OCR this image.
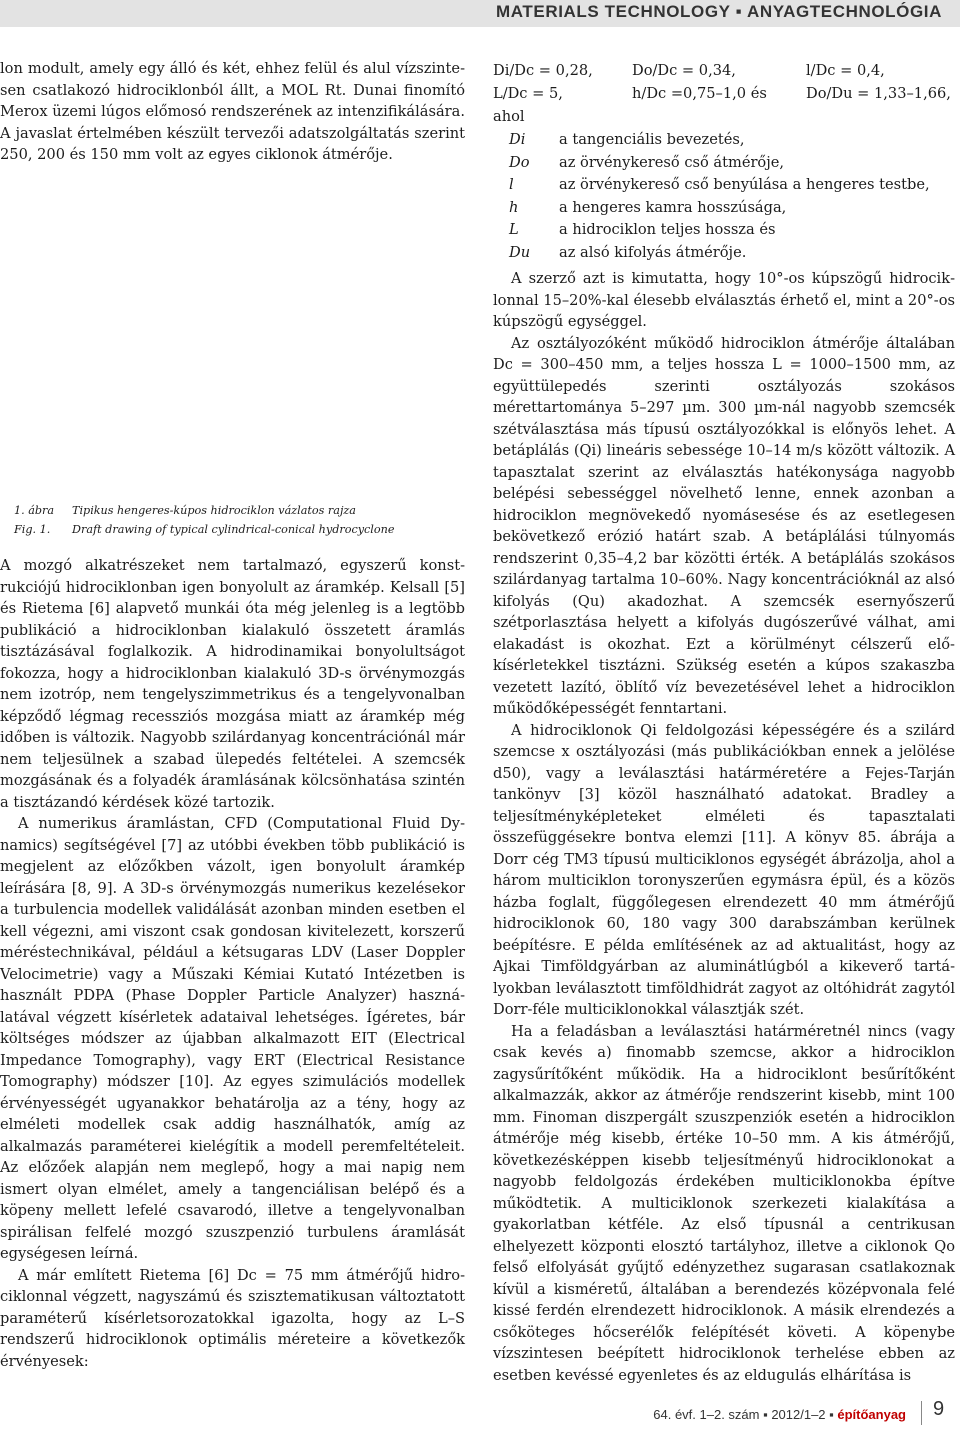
MATERIALS TECHNOLOGY ▪ ANYAGTECHNOLÓGIA

lon modult, amely egy álló és két, ehhez felül és alul vízszintesen csatlakozó hidrociklonból állt, a MOL Rt. Dunai finomító Merox üzemi lúgos előmosó rendszerének az intenzifikálására. A javaslat értelmében készült tervezői adatszolgáltatás szerint 250, 200 és 150 mm volt az egyes ciklonok átmérője.

1. ábra Tipikus hengeres-kúpos hidrociklon vázlatos rajza
Fig. 1. Draft drawing of typical cylindrical-conical hydrocyclone

A mozgó alkatrészeket nem tartalmazó, egyszerű konstrukciójú hidrociklonban igen bonyolult az áramkép. Kelsall [5] és Rietema [6] alapvető munkái óta még jelenleg is a legtöbb publikáció a hidrociklonban kialakuló összetett áramlás tisztázásával foglalkozik. A hidrodinamikai bonyolultságot fokozza, hogy a hidrociklonban kialakuló 3D-s örvénymozgás nem izotróp, nem tengelyszimmetrikus és a tengelyvonalban képződő légmag recessziós mozgása miatt az áramkép még időben is változik. Nagyobb szilárdanyag koncentrációnál már nem teljesülnek a szabad ülepedés feltételei. A szemcsék mozgásának és a folyadék áramlásának kölcsönhatása szintén a tisztázandó kérdések közé tartozik.

A numerikus áramlástan, CFD (Computational Fluid Dynamics) segítségével [7] az utóbbi években több publikáció is megjelent az előzőkben vázolt, igen bonyolult áramkép leírására [8, 9]. A 3D-s örvénymozgás numerikus kezelésekor a turbulencia modellek validálását azonban minden esetben el kell végezni, ami viszont csak gondosan kivitelezett, korszerű méréstechnikával, például a kétsugaras LDV (Laser Doppler Velocimetrie) vagy a Műszaki Kémiai Kutató Intézetben is használt PDPA (Phase Doppler Particle Analyzer) használatával végzett kísérletek adataival lehetséges. Ígéretes, bár költséges módszer az újabban alkalmazott EIT (Electrical Impedance Tomography), vagy ERT (Electrical Resistance Tomography) módszer [10]. Az egyes szimulációs modellek érvényességét ugyanakkor behatárolja az a tény, hogy az elméleti modellek csak addig használhatók, amíg az alkalmazás paraméterei kielégítik a modell peremfeltételeit. Az előzőek alapján nem meglepő, hogy a mai napig nem ismert olyan elmélet, amely a tangenciálisan belépő és a köpeny mellett lefelé csavarodó, illetve a tengelyvonalban spirálisan felfelé mozgó szuszpenzió turbulens áramlását egységesen leírná.

A már említett Rietema [6] Dc = 75 mm átmérőjű hidrociklonnal végzett, nagyszámú és szisztematikusan változtatott paraméterű kísérletsorozatokkal igazolta, hogy az L–S rendszerű hidrociklonok optimális méreteire a következők érvényesek:

Di/Dc = 0,28,	Do/Dc = 0,34,	l/Dc = 0,4,
L/Dc = 5,	h/Dc =0,75–1,0 és	Do/Du = 1,33–1,66,
ahol
Di	a tangenciális bevezetés,
Do	az örvénykereső cső átmérője,
l	az örvénykereső cső benyúlása a hengeres testbe,
h	a hengeres kamra hosszúsága,
L	a hidrociklon teljes hossza és
Du	az alsó kifolyás átmérője.

A szerző azt is kimutatta, hogy 10°-os kúpszögű hidrociklonnal 15–20%-kal élesebb elválasztás érhető el, mint a 20°-os kúpszögű egységgel.

Az osztályozóként működő hidrociklon átmérője általában Dc = 300–450 mm, a teljes hossza L = 1000–1500 mm, az együttülepedés szerinti osztályozás szokásos mérettartománya 5–297 µm. 300 µm-nál nagyobb szemcsék szétválasztása más típusú osztályozókkal is előnyös lehet. A betáplálás (Qi) lineáris sebessége 10–14 m/s között változik. A tapasztalat szerint az elválasztás hatékonysága nagyobb belépési sebességgel növelhető lenne, ennek azonban a hidrociklon megnövekedő nyomásesése és az esetlegesen bekövetkező erózió határt szab. A betáplálási túlnyomás rendszerint 0,35–4,2 bar közötti érték. A betáplálás szokásos szilárdanyag tartalma 10–60%. Nagy koncentrációknál az alsó kifolyás (Qu) akadozhat. A szemcsék esernyőszerű szétporlasztása helyett a kifolyás dugószerűvé válhat, ami elakadást is okozhat. Ezt a körülményt célszerű elő-kísérletekkel tisztázni. Szükség esetén a kúpos szakaszba vezetett lazító, öblítő víz bevezetésével lehet a hidrociklon működőképességét fenntartani.

A hidrociklonok Qi feldolgozási képességére és a szilárd szemcse x osztályozási (más publikációkban ennek a jelölése d50), vagy a leválasztási határméretére a Fejes-Tarján tankönyv [3] közöl használható adatokat. Bradley a teljesítményképleteket elméleti és tapasztalati összefüggésekre bontva elemzi [11]. A könyv 85. ábrája a Dorr cég TM3 típusú multiciklonos egységét ábrázolja, ahol a három multiciklon toronyszerűen egymásra épül, és a közös házba foglalt, függőlegesen elrendezett 40 mm átmérőjű hidrociklonok 60, 180 vagy 300 darabszámban kerülnek beépítésre. E példa említésének az ad aktualitást, hogy az Ajkai Timföldgyárban az aluminátlúgból a kikeverő tartályokban leválasztott timföldhidrát zagyot az oltóhidrát zagytól Dorr-féle multiciklonokkal választják szét.

Ha a feladásban a leválasztási határméretnél nincs (vagy csak kevés a) finomabb szemcse, akkor a hidrociklon zagysűrítőként működik. Ha a hidrociklont besűrítőként alkalmazzák, akkor az átmérője rendszerint kisebb, mint 100 mm. Finoman diszpergált szuszpenziók esetén a hidrociklon átmérője még kisebb, értéke 10–50 mm. A kis átmérőjű, következésképpen kisebb teljesítményű hidrociklonokat a nagyobb feldolgozás érdekében multiciklonokba építve működtetik. A multiciklonok szerkezeti kialakítása a gyakorlatban kétféle. Az első típusnál a centrikusan elhelyezett központi elosztó tartályhoz, illetve a ciklonok Qo felső elfolyását gyűjtő edényzethez sugarasan csatlakoznak kívül a kisméretű, általában a berendezés középvonala felé kissé ferdén elrendezett hidrociklonok. A másik elrendezés a csőköteges hőcserélők felépítését követi. A köpenybe vízszintesen beépített hidrociklonok terhelése ebben az esetben kevéssé egyenletes és az eldugulás elhárítása is

64. évf. 1–2. szám ▪ 2012/1–2 ▪ építőanyag 9
